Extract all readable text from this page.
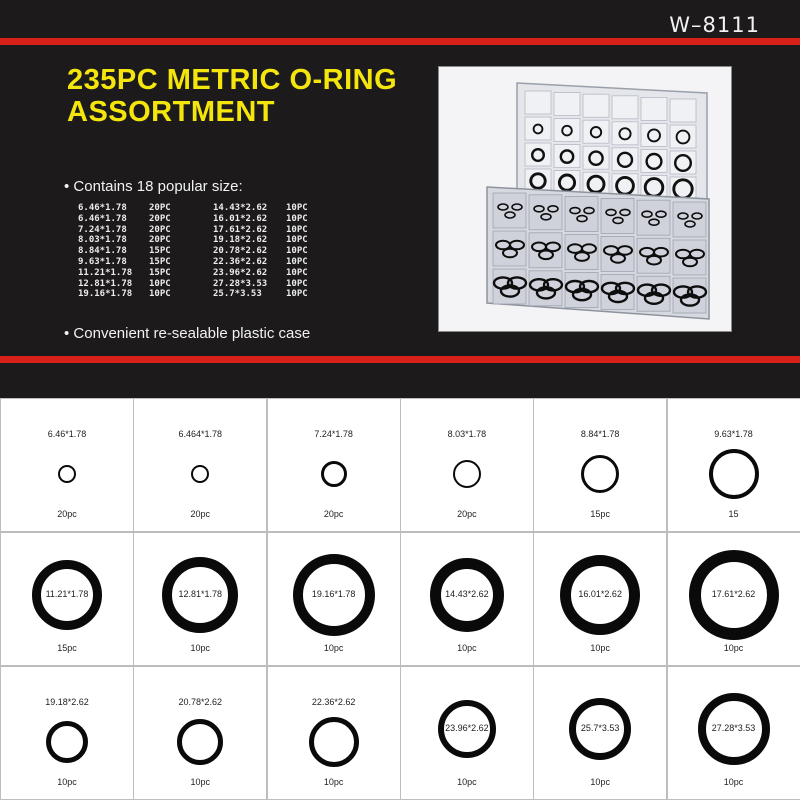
W–8111
235PC METRIC O-RING
ASSORTMENT
• Contains 18 popular size:
6.46*1.78
6.46*1.78
7.24*1.78
8.03*1.78
8.84*1.78
9.63*1.78
11.21*1.78
12.81*1.78
19.16*1.78
20PC
20PC
20PC
20PC
15PC
15PC
15PC
10PC
10PC
14.43*2.62
16.01*2.62
17.61*2.62
19.18*2.62
20.78*2.62
22.36*2.62
23.96*2.62
27.28*3.53
25.7*3.53
10PC
10PC
10PC
10PC
10PC
10PC
10PC
10PC
10PC
• Convenient re-sealable plastic case
6.46*1.78
20pc
6.464*1.78
20pc
7.24*1.78
20pc
8.03*1.78
20pc
8.84*1.78
15pc
9.63*1.78
15
11.21*1.78
15pc
12.81*1.78
10pc
19.16*1.78
10pc
14.43*2.62
10pc
16.01*2.62
10pc
17.61*2.62
10pc
19.18*2.62
10pc
20.78*2.62
10pc
22.36*2.62
10pc
23.96*2.62
10pc
25.7*3.53
10pc
27.28*3.53
10pc
